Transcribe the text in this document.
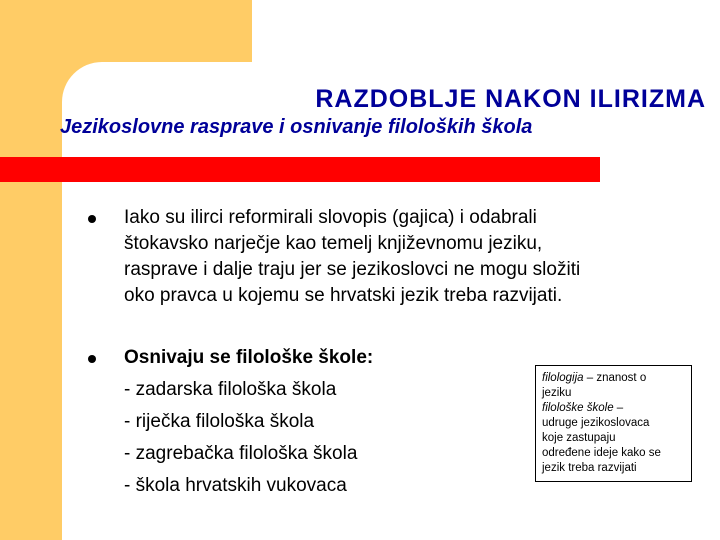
RAZDOBLJE NAKON ILIRIZMA
Jezikoslovne rasprave i osnivanje filoloških škola
Iako su ilirci reformirali slovopis (gajica) i odabrali
štokavsko narječje kao temelj književnomu jeziku,
rasprave i dalje traju jer se jezikoslovci ne mogu složiti
oko pravca u kojemu se hrvatski jezik treba razvijati.
Osnivaju se filološke škole:
- zadarska filološka škola
- riječka filološka škola
- zagrebačka filološka škola
- škola hrvatskih vukovaca
filologija – znanost o
jeziku
filološke škole –
udruge jezikoslovaca
koje zastupaju
određene ideje kako se
jezik treba razvijati
